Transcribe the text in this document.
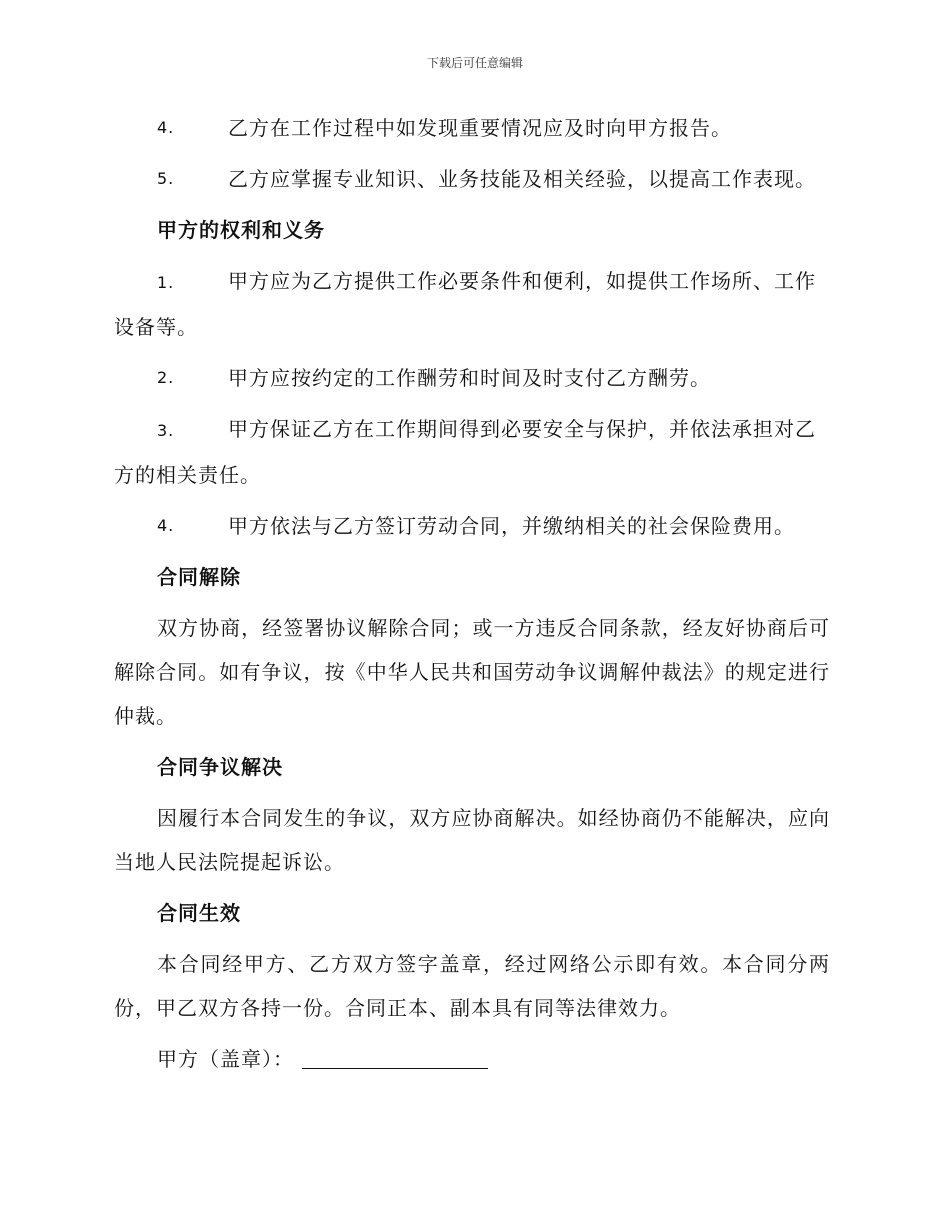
下载后可任意编辑
4.	乙方在工作过程中如发现重要情况应及时向甲方报告。
5.	乙方应掌握专业知识、业务技能及相关经验，以提高工作表现。
甲方的权利和义务
1.	甲方应为乙方提供工作必要条件和便利，如提供工作场所、工作设备等。
2.	甲方应按约定的工作酬劳和时间及时支付乙方酬劳。
3.	甲方保证乙方在工作期间得到必要安全与保护，并依法承担对乙方的相关责任。
4.	甲方依法与乙方签订劳动合同，并缴纳相关的社会保险费用。
合同解除

双方协商，经签署协议解除合同；或一方违反合同条款，经友好协商后可解除合同。如有争议，按《中华人民共和国劳动争议调解仲裁法》的规定进行仲裁。

合同争议解决

因履行本合同发生的争议，双方应协商解决。如经协商仍不能解决，应向当地人民法院提起诉讼。

合同生效

本合同经甲方、乙方双方签字盖章，经过网络公示即有效。本合同分两份，甲乙双方各持一份。合同正本、副本具有同等法律效力。

甲方（盖章）：
